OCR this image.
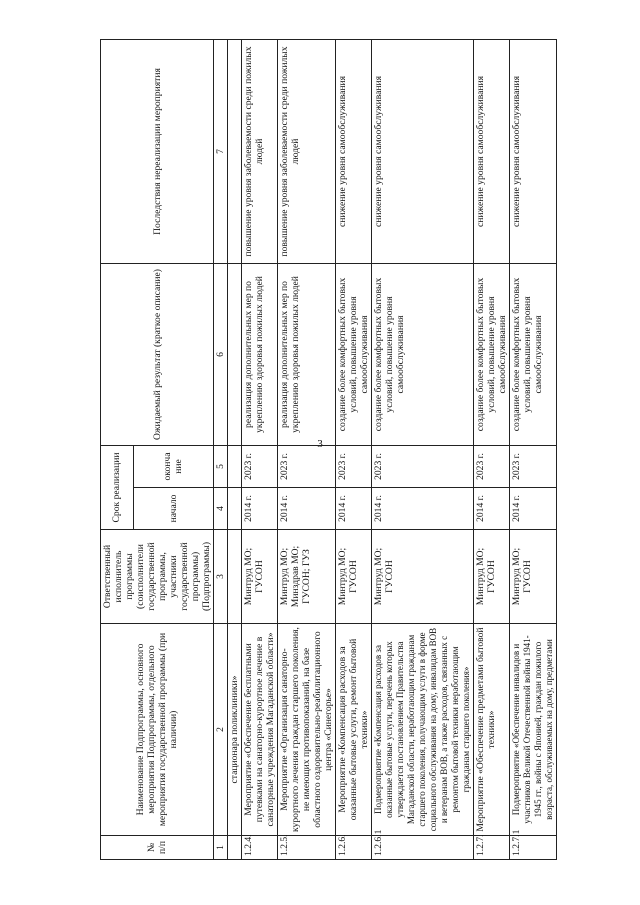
3
№ п/п	Наименование Подпрограммы, основного мероприятия Подпрограммы, отдельного мероприятия государственной программы (при наличии)	Ответственный исполнитель программы (соисполнители государственной программы, участники государственной программы) (Подпрограммы)	Срок реализации		Ожидаемый результат (краткое описание)	Последствия нереализации мероприятия
			начало	оконча ние		
1	2	3	4	5	6	7
	стационара поликлиники»					
1.2.4.	Мероприятие «Обеспечение бесплатными путевками на санаторно-курортное лечение в санаторные учреждения Магаданской области»	Минтруд МО; ГУСОН	2014 г.	2023 г.	реализация дополнительных мер по укреплению здоровья пожилых людей	повышение уровня заболеваемости среди пожилых людей
1.2.5.	Мероприятие «Организация санаторно-курортного лечения граждан старшего поколения, не имеющих противопоказаний, на базе областного оздоровительно-реабилитационного центра «Синегорье»	Минтруд МО; Минздрав МО; ГУСОН; ГУЗ	2014 г.	2023 г.	реализация дополнительных мер по укреплению здоровья пожилых людей	повышение уровня заболеваемости среди пожилых людей
1.2.6.	Мероприятие «Компенсация расходов за оказанные бытовые услуги, ремонт бытовой техники»	Минтруд МО; ГУСОН	2014 г.	2023 г.	создание более комфортных бытовых условий, повышение уровня самообслуживания	снижение уровня самообслуживания
1.2.6.1	Подмероприятие «Компенсация расходов за оказанные бытовые услуги, перечень которых утверждается постановлением Правительства Магаданской области, неработающим гражданам старшего поколения, получающим услуги в форме социального обслуживания на дому, инвалидам ВОВ и ветеранам ВОВ, а также расходов, связанных с ремонтом бытовой техники неработающим гражданам старшего поколения»	Минтруд МО; ГУСОН	2014 г.	2023 г.	создание более комфортных бытовых условий, повышение уровня самообслуживания	снижение уровня самообслуживания
1.2.7.	Мероприятие «Обеспечение предметами бытовой техники»	Минтруд МО; ГУСОН	2014 г.	2023 г.	создание более комфортных бытовых условий, повышение уровня самообслуживания	снижение уровня самообслуживания
1.2.7.1	Подмероприятие «Обеспечение инвалидов и участников Великой Отечественной войны 1941-1945 гг., войны с Японией, граждан пожилого возраста, обслуживаемых на дому, предметами	Минтруд МО; ГУСОН	2014 г.	2023 г.	создание более комфортных бытовых условий, повышение уровня самообслуживания	снижение уровня самообслуживания
